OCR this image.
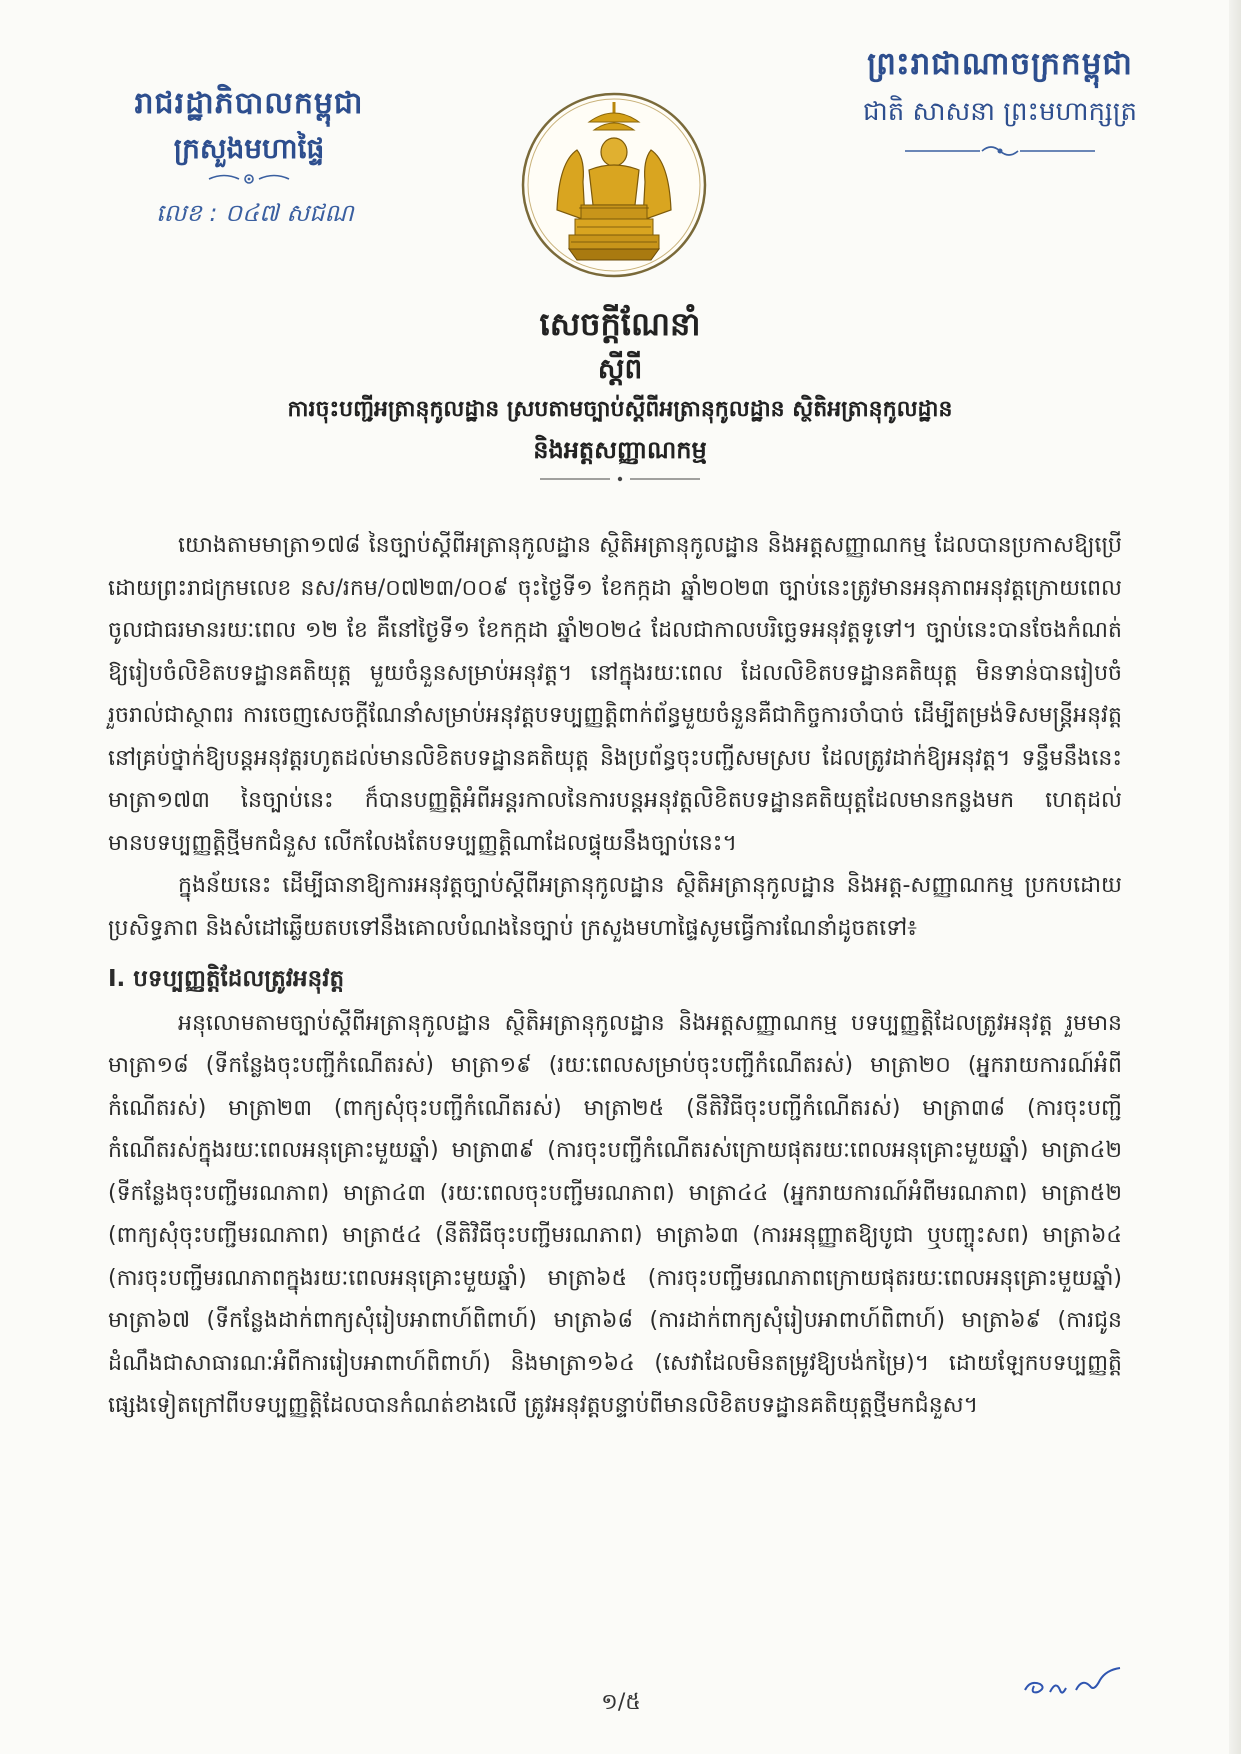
រាជរដ្ឋាភិបាលកម្ពុជា
ក្រសួងមហាផ្ទៃ
លេខ : ០៤៧ សជណ
ព្រះរាជាណាចក្រកម្ពុជា
ជាតិ សាសនា ព្រះមហាក្សត្រ
សេចក្តីណែនាំ
ស្តីពី
ការចុះបញ្ជីអត្រានុកូលដ្ឋាន ស្របតាមច្បាប់ស្តីពីអត្រានុកូលដ្ឋាន ស្ថិតិអត្រានុកូលដ្ឋាន
និងអត្តសញ្ញាណកម្ម

យោងតាមមាត្រា១៧៨ នៃច្បាប់ស្តីពីអត្រានុកូលដ្ឋាន ស្ថិតិអត្រានុកូលដ្ឋាន និងអត្តសញ្ញាណកម្ម ដែលបានប្រកាសឱ្យប្រើដោយព្រះរាជក្រមលេខ នស/រកម/០៧២៣/០០៩ ចុះថ្ងៃទី១ ខែកក្កដា ឆ្នាំ២០២៣ ច្បាប់នេះត្រូវមានអនុភាពអនុវត្តក្រោយពេលចូលជាធរមានរយៈពេល ១២ ខែ គឺនៅថ្ងៃទី១ ខែកក្កដា ឆ្នាំ២០២៤ ដែលជាកាលបរិច្ឆេទអនុវត្តទូទៅ។ ច្បាប់នេះបានចែងកំណត់ ឱ្យរៀបចំលិខិតបទដ្ឋានគតិយុត្ត មួយចំនួនសម្រាប់អនុវត្ត។ នៅក្នុងរយៈពេល ដែលលិខិតបទដ្ឋានគតិយុត្ត មិនទាន់បានរៀបចំរួចរាល់ជាស្ថាពរ ការចេញសេចក្តីណែនាំសម្រាប់អនុវត្តបទប្បញ្ញត្តិពាក់ព័ន្ធមួយចំនួនគឺជាកិច្ចការចាំបាច់ ដើម្បីតម្រង់ទិសមន្ត្រីអនុវត្តនៅគ្រប់ថ្នាក់ឱ្យបន្តអនុវត្តរហូតដល់មានលិខិតបទដ្ឋានគតិយុត្ត និងប្រព័ន្ធចុះបញ្ជីសមស្រប ដែលត្រូវដាក់ឱ្យអនុវត្ត។ ទន្ទឹមនឹងនេះ មាត្រា១៧៣ នៃច្បាប់នេះ ក៏បានបញ្ញត្តិអំពីអន្តរកាលនៃការបន្តអនុវត្តលិខិតបទដ្ឋានគតិយុត្តដែលមានកន្លងមក ហេតុដល់មានបទប្បញ្ញត្តិថ្មីមកជំនួស លើកលែងតែបទប្បញ្ញត្តិណាដែលផ្ទុយនឹងច្បាប់នេះ។

ក្នុងន័យនេះ ដើម្បីធានាឱ្យការអនុវត្តច្បាប់ស្តីពីអត្រានុកូលដ្ឋាន ស្ថិតិអត្រានុកូលដ្ឋាន និងអត្ត-សញ្ញាណកម្ម ប្រកបដោយប្រសិទ្ធភាព និងសំដៅឆ្លើយតបទៅនឹងគោលបំណងនៃច្បាប់ ក្រសួងមហាផ្ទៃសូមធ្វើការណែនាំដូចតទៅ៖

I. បទប្បញ្ញត្តិដែលត្រូវអនុវត្ត

អនុលោមតាមច្បាប់ស្តីពីអត្រានុកូលដ្ឋាន ស្ថិតិអត្រានុកូលដ្ឋាន និងអត្តសញ្ញាណកម្ម បទប្បញ្ញត្តិដែលត្រូវអនុវត្ត រួមមាន មាត្រា១៨ (ទីកន្លែងចុះបញ្ជីកំណើតរស់) មាត្រា១៩ (រយៈពេលសម្រាប់ចុះបញ្ជីកំណើតរស់) មាត្រា២០ (អ្នករាយការណ៍អំពីកំណើតរស់) មាត្រា២៣ (ពាក្យសុំចុះបញ្ជីកំណើតរស់) មាត្រា២៥ (នីតិវិធីចុះបញ្ជីកំណើតរស់) មាត្រា៣៨ (ការចុះបញ្ជីកំណើតរស់ក្នុងរយៈពេលអនុគ្រោះមួយឆ្នាំ) មាត្រា៣៩ (ការចុះបញ្ជីកំណើតរស់ក្រោយផុតរយៈពេលអនុគ្រោះមួយឆ្នាំ) មាត្រា៤២ (ទីកន្លែងចុះបញ្ជីមរណភាព) មាត្រា៤៣ (រយៈពេលចុះបញ្ជីមរណភាព) មាត្រា៤៤ (អ្នករាយការណ៍អំពីមរណភាព) មាត្រា៥២ (ពាក្យសុំចុះបញ្ជីមរណភាព) មាត្រា៥៤ (នីតិវិធីចុះបញ្ជីមរណភាព) មាត្រា៦៣ (ការអនុញ្ញាតឱ្យបូជា ឬបញ្ចុះសព) មាត្រា៦៤ (ការចុះបញ្ជីមរណភាពក្នុងរយៈពេលអនុគ្រោះមួយឆ្នាំ) មាត្រា៦៥ (ការចុះបញ្ជីមរណភាពក្រោយផុតរយៈពេលអនុគ្រោះមួយឆ្នាំ) មាត្រា៦៧ (ទីកន្លែងដាក់ពាក្យសុំរៀបអាពាហ៍ពិពាហ៍) មាត្រា៦៨ (ការដាក់ពាក្យសុំរៀបអាពាហ៍ពិពាហ៍) មាត្រា៦៩ (ការជូនដំណឹងជាសាធារណៈអំពីការរៀបអាពាហ៍ពិពាហ៍) និងមាត្រា១៦៤ (សេវាដែលមិនតម្រូវឱ្យបង់កម្រៃ)។ ដោយឡែកបទប្បញ្ញត្តិផ្សេងទៀតក្រៅពីបទប្បញ្ញត្តិដែលបានកំណត់ខាងលើ ត្រូវអនុវត្តបន្ទាប់ពីមានលិខិតបទដ្ឋានគតិយុត្តថ្មីមកជំនួស។

១/៥
